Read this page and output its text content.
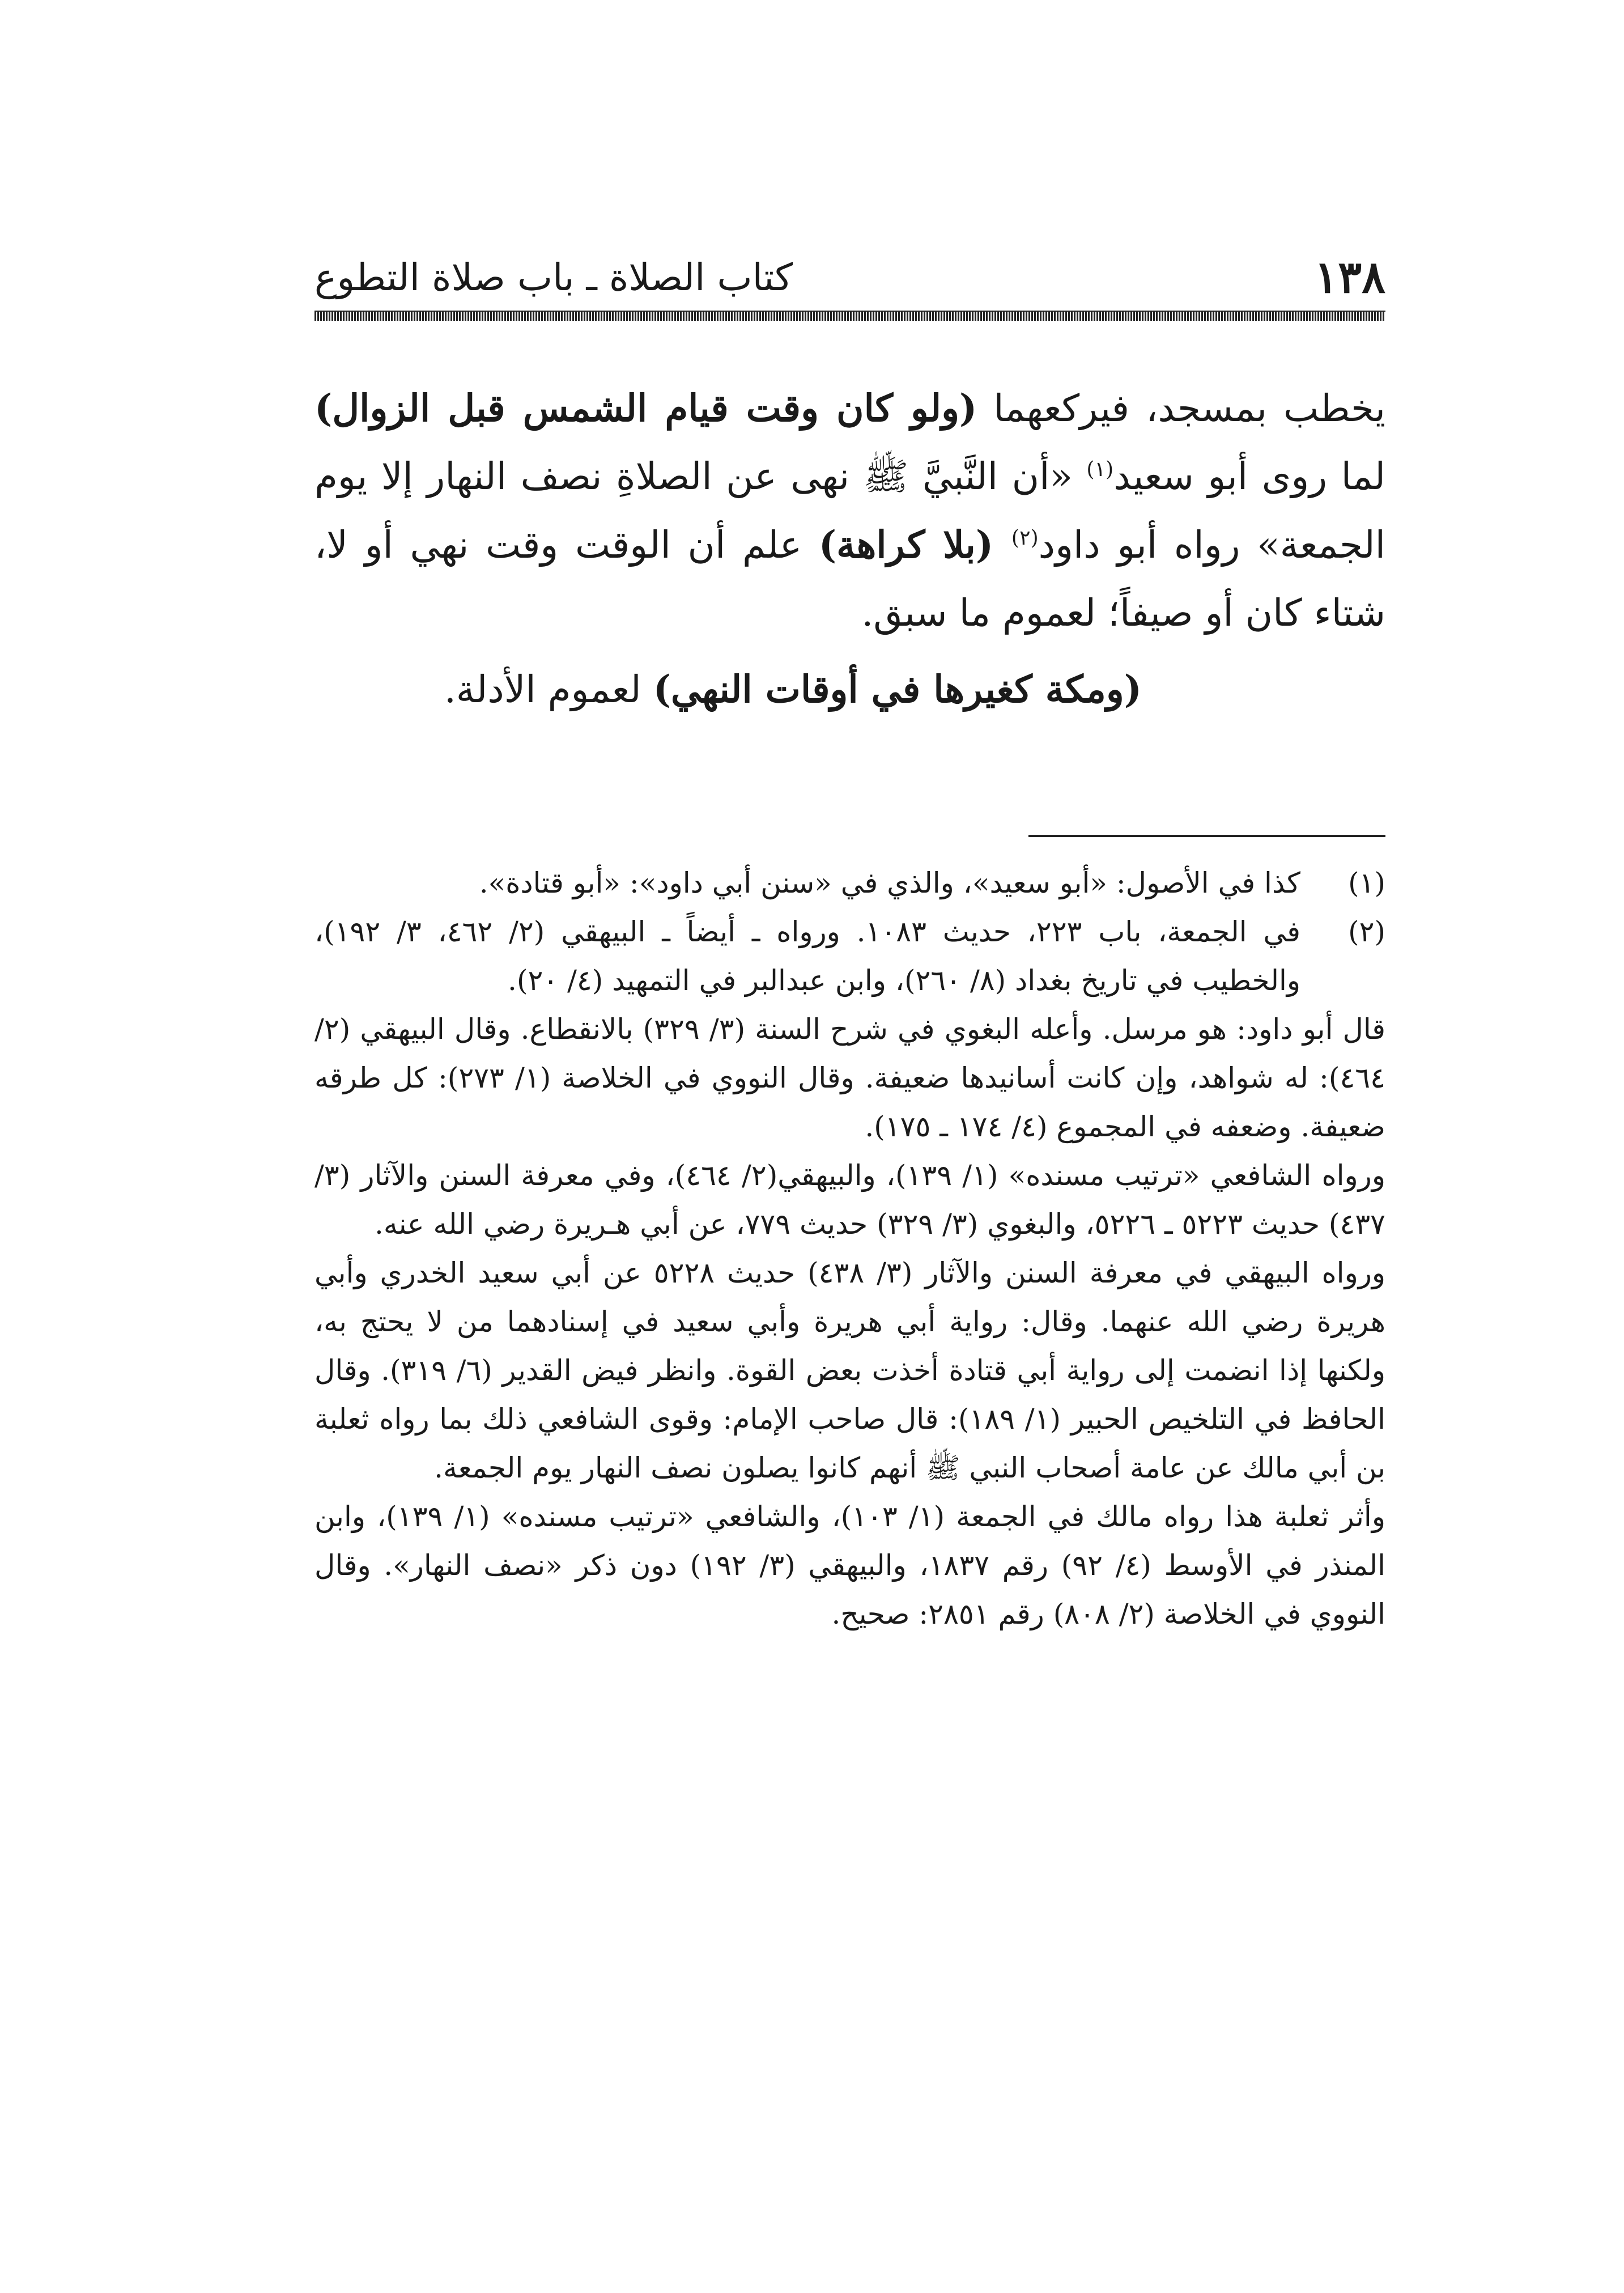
١٣٨
كتاب الصلاة ـ باب صلاة التطوع

يخطب بمسجد، فيركعهما (ولو كان وقت قيام الشمس قبل الزوال) لما روى أبو سعيد$^{(١)}$ «أن النَّبيَّ ﷺ نهى عن الصلاةِ نصف النهار إلا يوم الجمعة» رواه أبو داود$^{(٢)}$ (بلا كراهة) علم أن الوقت وقت نهي أو لا، شتاء كان أو صيفاً؛ لعموم ما سبق.

(ومكة كغيرها في أوقات النهي) لعموم الأدلة.

(١)
كذا في الأصول: «أبو سعيد»، والذي في «سنن أبي داود»: «أبو قتادة».
(٢)
في الجمعة، باب ٢٢٣، حديث ١٠٨٣. ورواه ـ أيضاً ـ البيهقي (٢/ ٤٦٢، ٣/ ١٩٢)، والخطيب في تاريخ بغداد (٨/ ٢٦٠)، وابن عبدالبر في التمهيد (٤/ ٢٠).

قال أبو داود: هو مرسل. وأعله البغوي في شرح السنة (٣/ ٣٢٩) بالانقطاع. وقال البيهقي (٢/ ٤٦٤): له شواهد، وإن كانت أسانيدها ضعيفة. وقال النووي في الخلاصة (١/ ٢٧٣): كل طرقه ضعيفة. وضعفه في المجموع (٤/ ١٧٤ ـ ١٧٥).

ورواه الشافعي «ترتيب مسنده» (١/ ١٣٩)، والبيهقي(٢/ ٤٦٤)، وفي معرفة السنن والآثار (٣/ ٤٣٧) حديث ٥٢٢٣ ـ ٥٢٢٦، والبغوي (٣/ ٣٢٩) حديث ٧٧٩، عن أبي هـريرة رضي الله عنه.

ورواه البيهقي في معرفة السنن والآثار (٣/ ٤٣٨) حديث ٥٢٢٨ عن أبي سعيد الخدري وأبي هريرة رضي الله عنهما. وقال: رواية أبي هريرة وأبي سعيد في إسنادهما من لا يحتج به، ولكنها إذا انضمت إلى رواية أبي قتادة أخذت بعض القوة. وانظر فيض القدير (٦/ ٣١٩). وقال الحافظ في التلخيص الحبير (١/ ١٨٩): قال صاحب الإمام: وقوى الشافعي ذلك بما رواه ثعلبة بن أبي مالك عن عامة أصحاب النبي ﷺ أنهم كانوا يصلون نصف النهار يوم الجمعة.

وأثر ثعلبة هذا رواه مالك في الجمعة (١/ ١٠٣)، والشافعي «ترتيب مسنده» (١/ ١٣٩)، وابن المنذر في الأوسط (٤/ ٩٢) رقم ١٨٣٧، والبيهقي (٣/ ١٩٢) دون ذكر «نصف النهار». وقال النووي في الخلاصة (٢/ ٨٠٨) رقم ٢٨٥١: صحيح.
